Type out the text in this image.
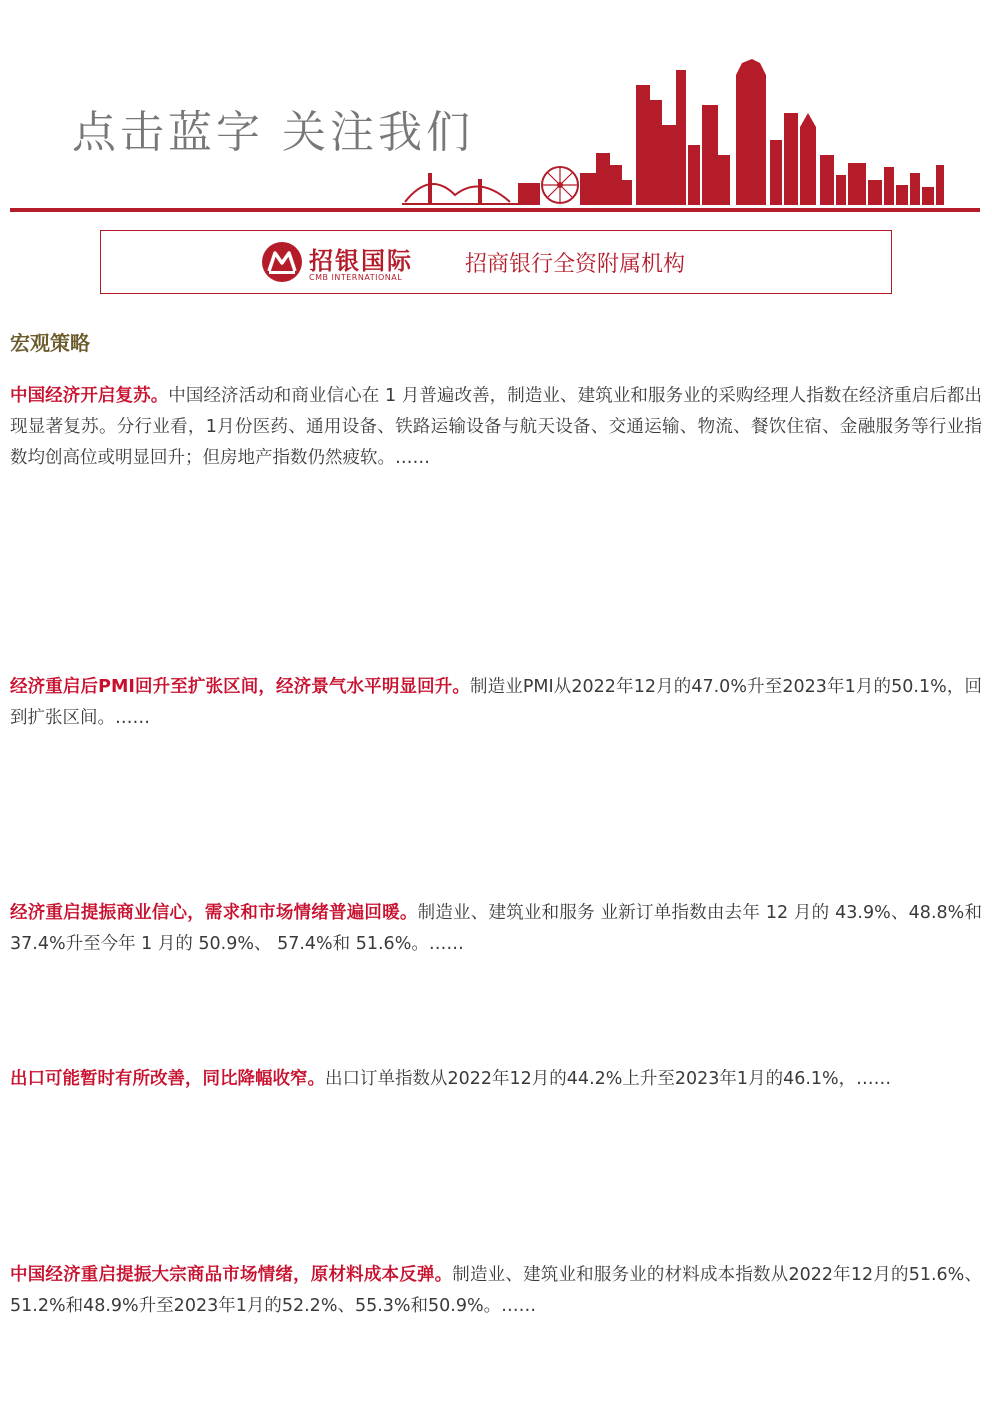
点击蓝字 关注我们
招银国际
CMB INTERNATIONAL
招商银行全资附属机构
宏观策略

中国经济开启复苏。中国经济活动和商业信心在 1 月普遍改善，制造业、建筑业和服务业的采购经理人指数在经济重启后都出现显著复苏。分行业看，1月份医药、通用设备、铁路运输设备与航天设备、交通运输、物流、餐饮住宿、金融服务等行业指数均创高位或明显回升；但房地产指数仍然疲软。……

经济重启后PMI回升至扩张区间，经济景气水平明显回升。制造业PMI从2022年12月的47.0%升至2023年1月的50.1%，回到扩张区间。……

经济重启提振商业信心，需求和市场情绪普遍回暖。制造业、建筑业和服务 业新订单指数由去年 12 月的 43.9%、48.8%和 37.4%升至今年 1 月的 50.9%、 57.4%和 51.6%。……

出口可能暂时有所改善，同比降幅收窄。出口订单指数从2022年12月的44.2%上升至2023年1月的46.1%，……

中国经济重启提振大宗商品市场情绪，原材料成本反弹。制造业、建筑业和服务业的材料成本指数从2022年12月的51.6%、51.2%和48.9%升至2023年1月的52.2%、55.3%和50.9%。……
